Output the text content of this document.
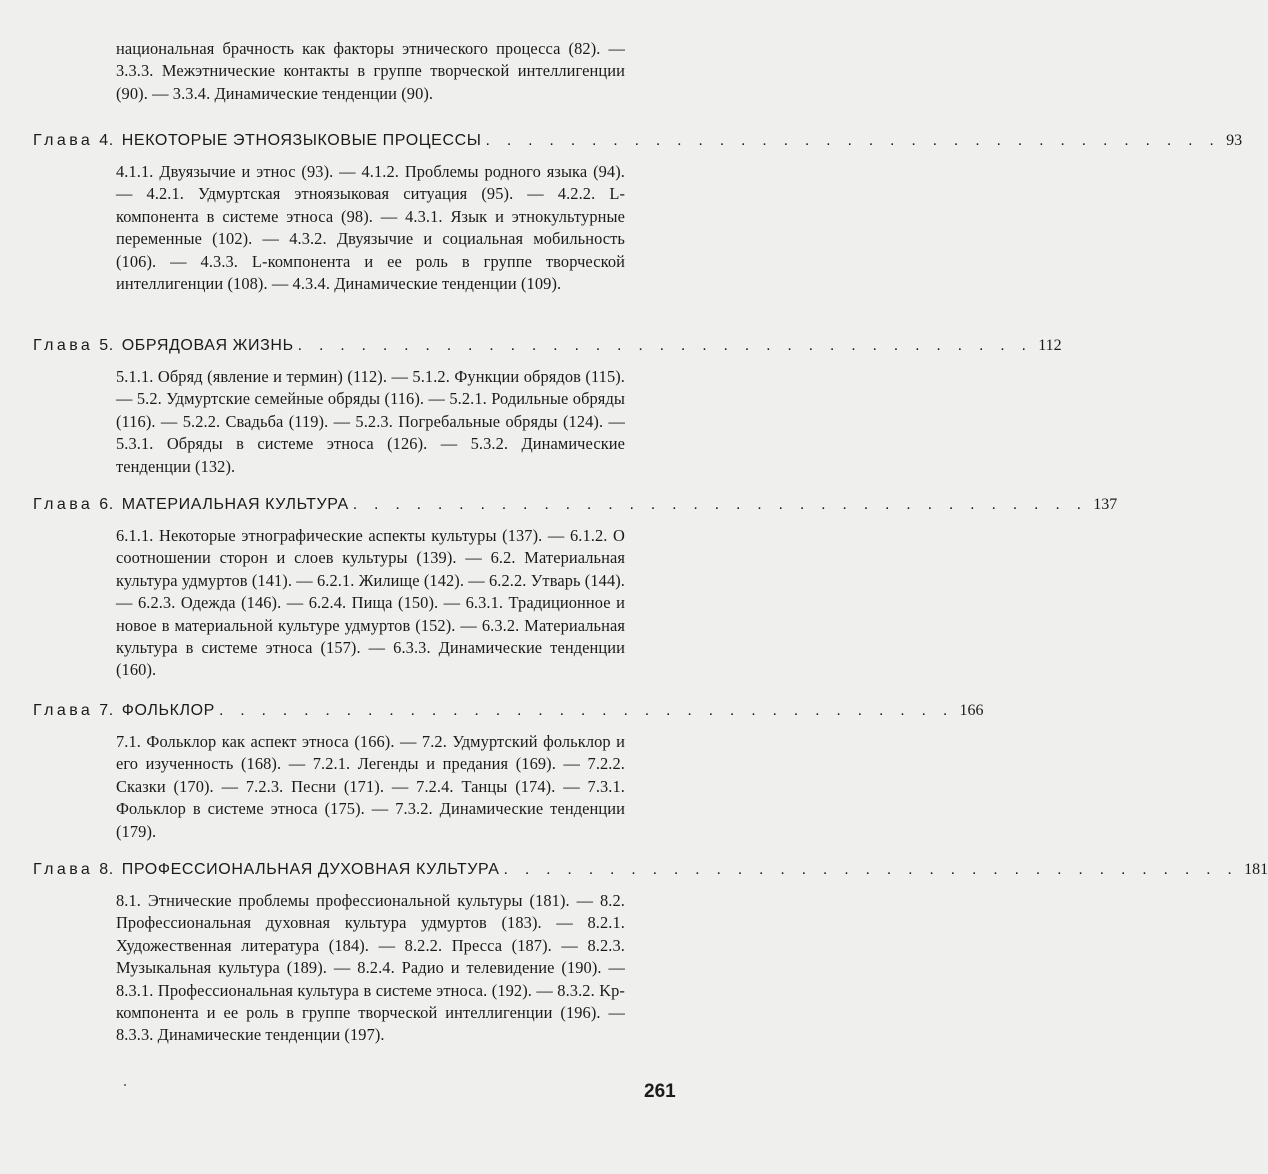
национальная брачность как факторы этнического процесса (82). — 3.3.3. Межэтнические контакты в группе творческой интеллигенции (90). — 3.3.4. Динамические тенденции (90).

Глава 4. НЕКОТОРЫЕ ЭТНОЯЗЫКОВЫЕ ПРОЦЕССЫ . . . . . . . . . . . . . . . . . . . . . . . . . . . . . . . . . . . 93

4.1.1. Двуязычие и этнос (93). — 4.1.2. Проблемы родного языка (94). — 4.2.1. Удмуртская этноязыковая ситуация (95). — 4.2.2. L-компонента в системе этноса (98). — 4.3.1. Язык и этнокультурные переменные (102). — 4.3.2. Двуязычие и социальная мобильность (106). — 4.3.3. L-компонента и ее роль в группе творческой интеллигенции (108). — 4.3.4. Динамические тенденции (109).

Глава 5. ОБРЯДОВАЯ ЖИЗНЬ . . . . . . . . . . . . . . . . . . . . . . . . . . . . . . . . . . . 112

5.1.1. Обряд (явление и термин) (112). — 5.1.2. Функции обрядов (115). — 5.2. Удмуртские семейные обряды (116). — 5.2.1. Родильные обряды (116). — 5.2.2. Свадьба (119). — 5.2.3. Погребальные обряды (124). — 5.3.1. Обряды в системе этноса (126). — 5.3.2. Динамические тенденции (132).

Глава 6. МАТЕРИАЛЬНАЯ КУЛЬТУРА . . . . . . . . . . . . . . . . . . . . . . . . . . . . . . . . . . . 137

6.1.1. Некоторые этнографические аспекты культуры (137). — 6.1.2. О соотношении сторон и слоев культуры (139). — 6.2. Материальная культура удмуртов (141). — 6.2.1. Жилище (142). — 6.2.2. Утварь (144). — 6.2.3. Одежда (146). — 6.2.4. Пища (150). — 6.3.1. Традиционное и новое в материальной культуре удмуртов (152). — 6.3.2. Материальная культура в системе этноса (157). — 6.3.3. Динамические тенденции (160).

Глава 7. ФОЛЬКЛОР . . . . . . . . . . . . . . . . . . . . . . . . . . . . . . . . . . . 166

7.1. Фольклор как аспект этноса (166). — 7.2. Удмуртский фольклор и его изученность (168). — 7.2.1. Легенды и предания (169). — 7.2.2. Сказки (170). — 7.2.3. Песни (171). — 7.2.4. Танцы (174). — 7.3.1. Фольклор в системе этноса (175). — 7.3.2. Динамические тенденции (179).

Глава 8. ПРОФЕССИОНАЛЬНАЯ ДУХОВНАЯ КУЛЬТУРА . . . . . . . . . . . . . . . . . . . . . . . . . . . . . . . . . . . 181

8.1. Этнические проблемы профессиональной культуры (181). — 8.2. Профессиональная духовная культура удмуртов (183). — 8.2.1. Художественная литература (184). — 8.2.2. Пресса (187). — 8.2.3. Музыкальная культура (189). — 8.2.4. Радио и телевидение (190). — 8.3.1. Профессиональная культура в системе этноса. (192). — 8.3.2. Kp-компонента и ее роль в группе творческой интеллигенции (196). — 8.3.3. Динамические тенденции (197).

261
